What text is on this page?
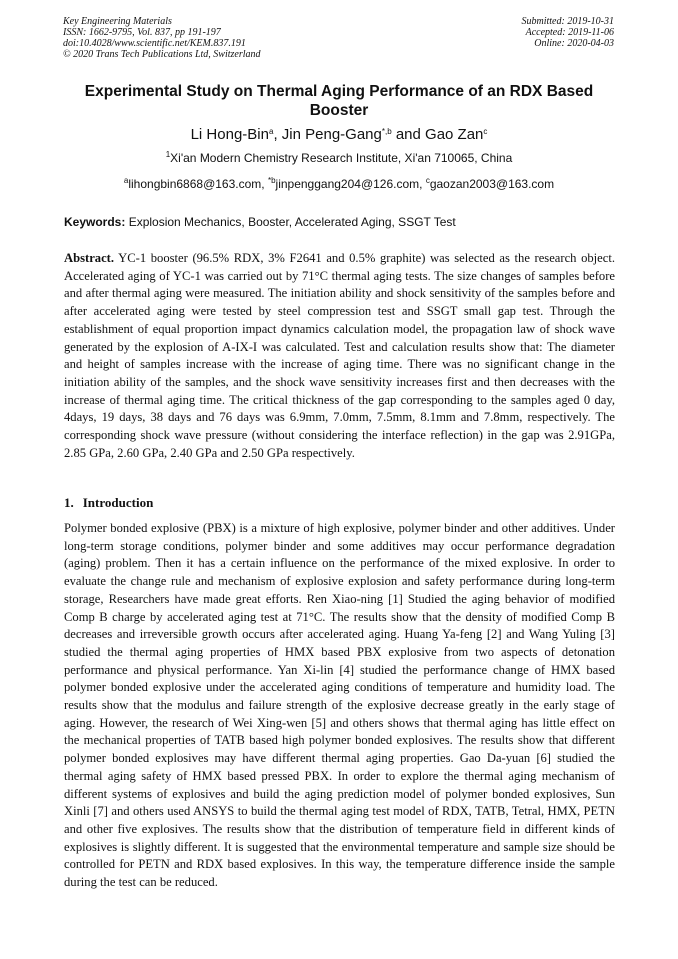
Key Engineering Materials
ISSN: 1662-9795, Vol. 837, pp 191-197
doi:10.4028/www.scientific.net/KEM.837.191
© 2020 Trans Tech Publications Ltd, Switzerland
Submitted: 2019-10-31
Accepted: 2019-11-06
Online: 2020-04-03
Experimental Study on Thermal Aging Performance of an RDX Based Booster
Li Hong-Bin$^a$, Jin Peng-Gang$^{*,b}$ and Gao Zan$^c$
$^1$Xi'an Modern Chemistry Research Institute, Xi'an 710065, China
$^a$lihongbin6868@163.com, $^{*b}$jinpenggang204@126.com, $^c$gaozan2003@163.com
Keywords: Explosion Mechanics, Booster, Accelerated Aging, SSGT Test

Abstract. YC-1 booster (96.5% RDX, 3% F2641 and 0.5% graphite) was selected as the research object. Accelerated aging of YC-1 was carried out by 71°C thermal aging tests. The size changes of samples before and after thermal aging were measured. The initiation ability and shock sensitivity of the samples before and after accelerated aging were tested by steel compression test and SSGT small gap test. Through the establishment of equal proportion impact dynamics calculation model, the propagation law of shock wave generated by the explosion of A-IX-I was calculated. Test and calculation results show that: The diameter and height of samples increase with the increase of aging time. There was no significant change in the initiation ability of the samples, and the shock wave sensitivity increases first and then decreases with the increase of thermal aging time. The critical thickness of the gap corresponding to the samples aged 0 day, 4days, 19 days, 38 days and 76 days was 6.9mm, 7.0mm, 7.5mm, 8.1mm and 7.8mm, respectively. The corresponding shock wave pressure (without considering the interface reflection) in the gap was 2.91GPa, 2.85 GPa, 2.60 GPa, 2.40 GPa and 2.50 GPa respectively.

1. Introduction

Polymer bonded explosive (PBX) is a mixture of high explosive, polymer binder and other additives. Under long-term storage conditions, polymer binder and some additives may occur performance degradation (aging) problem. Then it has a certain influence on the performance of the mixed explosive. In order to evaluate the change rule and mechanism of explosive explosion and safety performance during long-term storage, Researchers have made great efforts. Ren Xiao-ning [1] Studied the aging behavior of modified Comp B charge by accelerated aging test at 71°C. The results show that the density of modified Comp B decreases and irreversible growth occurs after accelerated aging. Huang Ya-feng [2] and Wang Yuling [3] studied the thermal aging properties of HMX based PBX explosive from two aspects of detonation performance and physical performance. Yan Xi-lin [4] studied the performance change of HMX based polymer bonded explosive under the accelerated aging conditions of temperature and humidity load. The results show that the modulus and failure strength of the explosive decrease greatly in the early stage of aging. However, the research of Wei Xing-wen [5] and others shows that thermal aging has little effect on the mechanical properties of TATB based high polymer bonded explosives. The results show that different polymer bonded explosives may have different thermal aging properties. Gao Da-yuan [6] studied the thermal aging safety of HMX based pressed PBX. In order to explore the thermal aging mechanism of different systems of explosives and build the aging prediction model of polymer bonded explosives, Sun Xinli [7] and others used ANSYS to build the thermal aging test model of RDX, TATB, Tetral, HMX, PETN and other five explosives. The results show that the distribution of temperature field in different kinds of explosives is slightly different. It is suggested that the environmental temperature and sample size should be controlled for PETN and RDX based explosives. In this way, the temperature difference inside the sample during the test can be reduced.
